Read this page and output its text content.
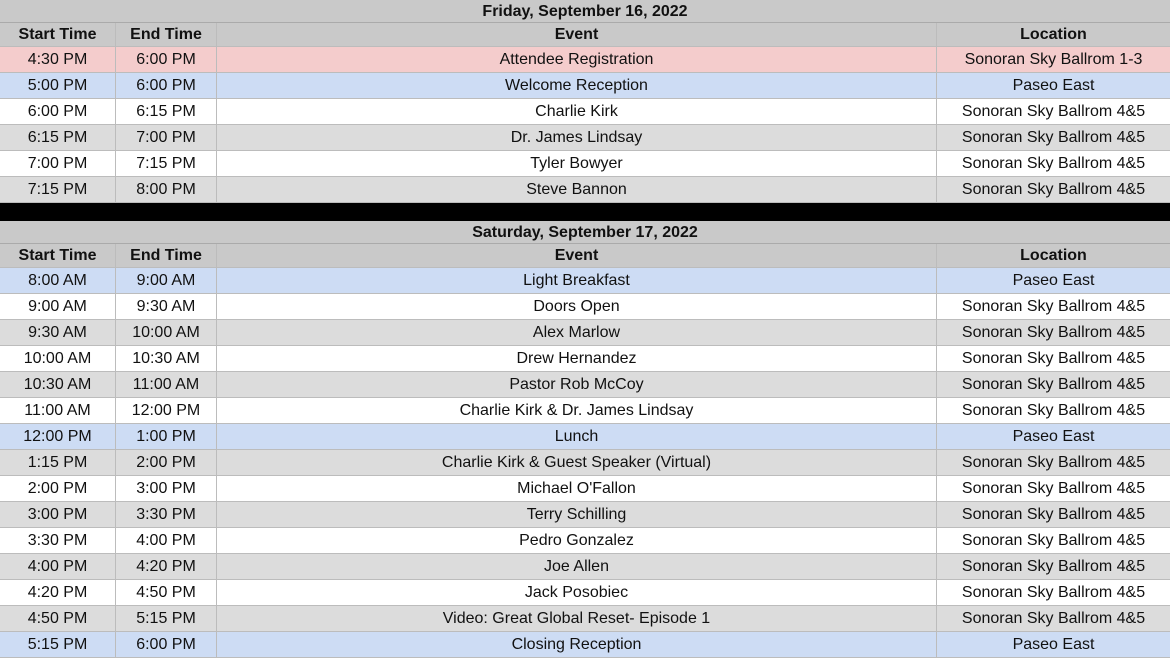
Friday, September 16, 2022
Start Time	End Time	Event	Location
4:30 PM	6:00 PM	Attendee Registration	Sonoran Sky Ballrom 1-3
5:00 PM	6:00 PM	Welcome Reception	Paseo East
6:00 PM	6:15 PM	Charlie Kirk	Sonoran Sky Ballrom 4&5
6:15 PM	7:00 PM	Dr. James Lindsay	Sonoran Sky Ballrom 4&5
7:00 PM	7:15 PM	Tyler Bowyer	Sonoran Sky Ballrom 4&5
7:15 PM	8:00 PM	Steve Bannon	Sonoran Sky Ballrom 4&5
Saturday, September 17, 2022
Start Time	End Time	Event	Location
8:00 AM	9:00 AM	Light Breakfast	Paseo East
9:00 AM	9:30 AM	Doors Open	Sonoran Sky Ballrom 4&5
9:30 AM	10:00 AM	Alex Marlow	Sonoran Sky Ballrom 4&5
10:00 AM	10:30 AM	Drew Hernandez	Sonoran Sky Ballrom 4&5
10:30 AM	11:00 AM	Pastor Rob McCoy	Sonoran Sky Ballrom 4&5
11:00 AM	12:00 PM	Charlie Kirk & Dr. James Lindsay	Sonoran Sky Ballrom 4&5
12:00 PM	1:00 PM	Lunch	Paseo East
1:15 PM	2:00 PM	Charlie Kirk & Guest Speaker (Virtual)	Sonoran Sky Ballrom 4&5
2:00 PM	3:00 PM	Michael O'Fallon	Sonoran Sky Ballrom 4&5
3:00 PM	3:30 PM	Terry Schilling	Sonoran Sky Ballrom 4&5
3:30 PM	4:00 PM	Pedro Gonzalez	Sonoran Sky Ballrom 4&5
4:00 PM	4:20 PM	Joe Allen	Sonoran Sky Ballrom 4&5
4:20 PM	4:50 PM	Jack Posobiec	Sonoran Sky Ballrom 4&5
4:50 PM	5:15 PM	Video: Great Global Reset- Episode 1	Sonoran Sky Ballrom 4&5
5:15 PM	6:00 PM	Closing Reception	Paseo East
